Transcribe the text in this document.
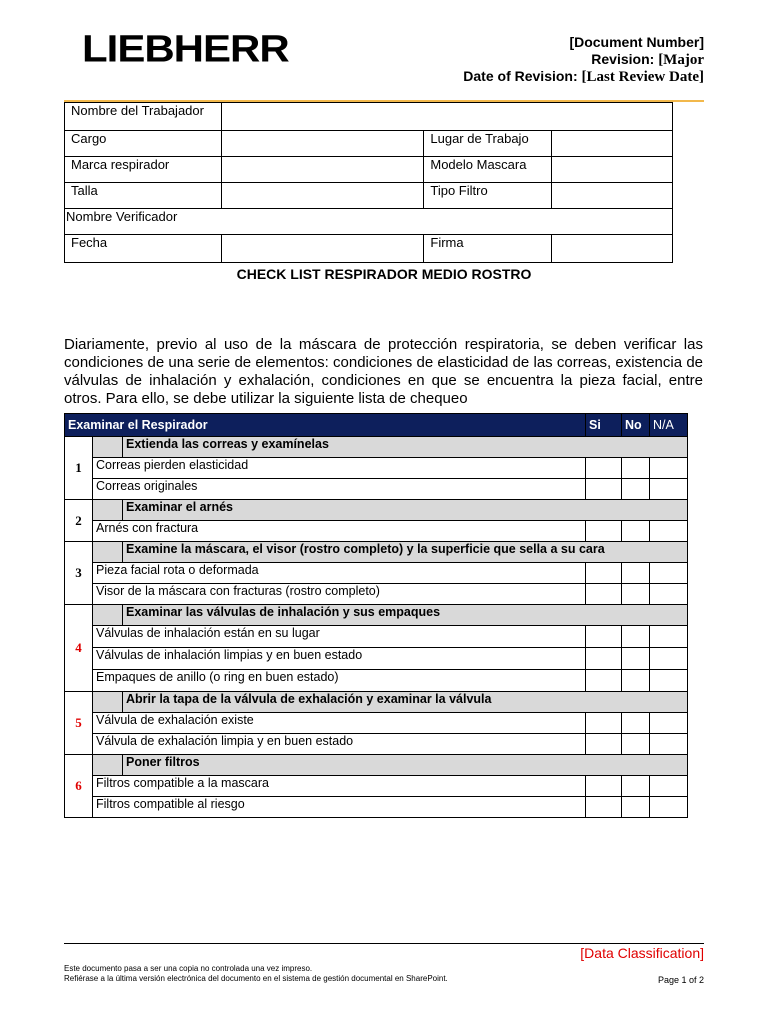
LIEBHERR	[Document Number]
Revision: [Major
Date of Revision: [Last Review Date]
Nombre del Trabajador			
Cargo		Lugar de Trabajo	
Marca respirador		Modelo Mascara	
Talla		Tipo Filtro	
Nombre Verificador			
Fecha		Firma	
CHECK LIST RESPIRADOR MEDIO ROSTRO
Diariamente, previo al uso de la máscara de protección respiratoria, se deben verificar las condiciones de una serie de elementos: condiciones de elasticidad de las correas, existencia de válvulas de inhalación y exhalación, condiciones en que se encuentra la pieza facial, entre otros. Para ello, se debe utilizar la siguiente lista de chequeo
Examinar el Respirador			Si	No	N/A
1		Extienda las correas y examínelas			
	Correas pierden elasticidad				
	Correas originales				
2		Examinar el arnés			
	Arnés con fractura				
3		Examine la máscara, el visor (rostro completo) y la superficie que sella a su cara			
	Pieza facial rota o deformada				
	Visor de la máscara con fracturas (rostro completo)				
4		Examinar las válvulas de inhalación y sus empaques			
	Válvulas de inhalación están en su lugar				
	Válvulas de inhalación limpias y en buen estado				
	Empaques de anillo (o ring en buen estado)				
5		Abrir la tapa de la válvula de exhalación y examinar la válvula			
	Válvula de exhalación existe				
	Válvula de exhalación limpia y en buen estado				
6		Poner filtros			
	Filtros compatible a la mascara				
	Filtros compatible al riesgo				
[Data Classification]
Este documento pasa a ser una copia no controlada una vez impreso.
Refiérase a la última versión electrónica del documento en el sistema de gestión documental en SharePoint.	Page 1 of 2
